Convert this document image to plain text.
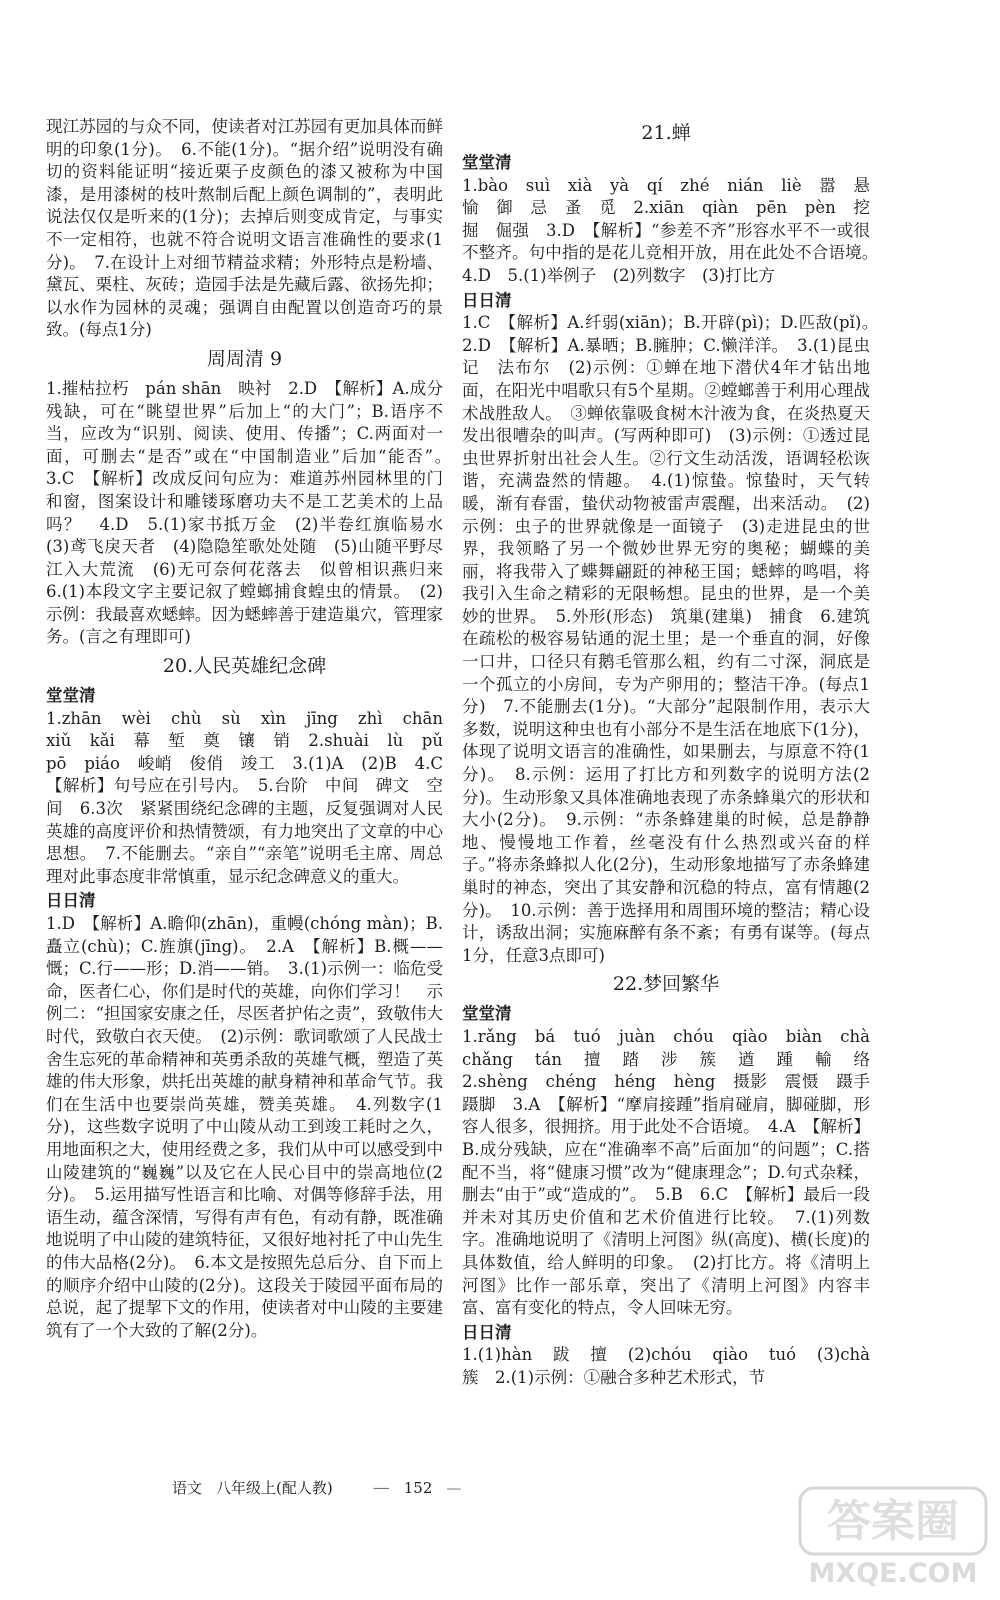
现江苏园的与众不同，使读者对江苏园有更加具体而鲜明的印象(1分)。　6.不能(1分)。“据介绍”说明没有确切的资料能证明“接近栗子皮颜色的漆又被称为中国漆，是用漆树的枝叶熬制后配上颜色调制的”，表明此说法仅仅是听来的(1分)；去掉后则变成肯定，与事实不一定相符，也就不符合说明文语言准确性的要求(1分)。　7.在设计上对细节精益求精；外形特点是粉墙、黛瓦、栗柱、灰砖；造园手法是先藏后露、欲扬先抑；以水作为园林的灵魂；强调自由配置以创造奇巧的景致。(每点1分)

周周清 9

1.摧枯拉朽　pán shān　映衬　2.D　【解析】A.成分残缺，可在“眺望世界”后加上“的大门”；B.语序不当，应改为“识别、阅读、使用、传播”；C.两面对一面，可删去“是否”或在“中国制造业”后加“能否”。　3.C　【解析】改成反问句应为：难道苏州园林里的门和窗，图案设计和雕镂琢磨功夫不是工艺美术的上品吗？　4.D　5.(1)家书抵万金　(2)半卷红旗临易水　(3)鸢飞戾天者　(4)隐隐笙歌处处随　(5)山随平野尽　江入大荒流　(6)无可奈何花落去　似曾相识燕归来　6.(1)本段文字主要记叙了螳螂捕食蝗虫的情景。　(2)示例：我最喜欢蟋蟀。因为蟋蟀善于建造巢穴，管理家务。(言之有理即可)

20.人民英雄纪念碑

堂堂清

1.zhān　wèi　chù　sù　xìn　jīng　zhì　chān　xiǔ　kǎi　幕　堑　奠　镶　销　2.shuài　lù　pǔ　pō　piáo　峻峭　俊俏　竣工　3.(1)A　(2)B　4.C　【解析】句号应在引号内。　5.台阶　中间　碑文　空间　6.3次　紧紧围绕纪念碑的主题，反复强调对人民英雄的高度评价和热情赞颂，有力地突出了文章的中心思想。　7.不能删去。“亲自”“亲笔”说明毛主席、周总理对此事态度非常慎重，显示纪念碑意义的重大。

日日清

1.D　【解析】A.瞻仰(zhān)，重幔(chóng màn)；B.矗立(chù)；C.旌旗(jīng)。　2.A　【解析】B.概——慨；C.行——形；D.消——销。　3.(1)示例一：临危受命，医者仁心，你们是时代的英雄，向你们学习！　示例二：“担国家安康之任，尽医者护佑之责”，致敬伟大时代，致敬白衣天使。　(2)示例：歌词歌颂了人民战士舍生忘死的革命精神和英勇杀敌的英雄气概，塑造了英雄的伟大形象，烘托出英雄的献身精神和革命气节。我们在生活中也要崇尚英雄，赞美英雄。　4.列数字(1分)，这些数字说明了中山陵从动工到竣工耗时之久，用地面积之大，使用经费之多，我们从中可以感受到中山陵建筑的“巍巍”以及它在人民心目中的崇高地位(2分)。　5.运用描写性语言和比喻、对偶等修辞手法，用语生动，蕴含深情，写得有声有色，有动有静，既准确地说明了中山陵的建筑特征，又很好地衬托了中山先生的伟大品格(2分)。　6.本文是按照先总后分、自下而上的顺序介绍中山陵的(2分)。这段关于陵园平面布局的总说，起了提挈下文的作用，使读者对中山陵的主要建筑有了一个大致的了解(2分)。

21.蝉

堂堂清

1.bào　suì　xià　yà　qí　zhé　nián　liè　嚣　悬　愉　御　忌　蚤　觅　2.xiān　qiàn　pēn　pèn　挖掘　倔强　3.D　【解析】“参差不齐”形容水平不一或很不整齐。句中指的是花儿竞相开放，用在此处不合语境。　4.D　5.(1)举例子　(2)列数字　(3)打比方

日日清

1.C　【解析】A.纤弱(xiān)；B.开辟(pì)；D.匹敌(pǐ)。　2.D　【解析】A.暴晒；B.臃肿；C.懒洋洋。　3.(1)昆虫记　法布尔　(2)示例：①蝉在地下潜伏4年才钻出地面，在阳光中唱歌只有5个星期。②螳螂善于利用心理战术战胜敌人。　③蝉依靠吸食树木汁液为食，在炎热夏天发出很嘈杂的叫声。(写两种即可)　(3)示例：①透过昆虫世界折射出社会人生。②行文生动活泼，语调轻松诙谐，充满盎然的情趣。　4.(1)惊蛰。惊蛰时，天气转暖，渐有春雷，蛰伏动物被雷声震醒，出来活动。　(2)示例：虫子的世界就像是一面镜子　(3)走进昆虫的世界，我领略了另一个微妙世界无穷的奥秘；蝴蝶的美丽，将我带入了蝶舞翩跹的神秘王国；蟋蟀的鸣唱，将我引入生命之精彩的无限畅想。昆虫的世界，是一个美妙的世界。　5.外形(形态)　筑巢(建巢)　捕食　6.建筑在疏松的极容易钻通的泥土里；是一个垂直的洞，好像一口井，口径只有鹅毛管那么粗，约有二寸深，洞底是一个孤立的小房间，专为产卵用的；整洁干净。(每点1分)　7.不能删去(1分)。“大部分”起限制作用，表示大多数，说明这种虫也有小部分不是生活在地底下(1分)，体现了说明文语言的准确性，如果删去，与原意不符(1分)。　8.示例：运用了打比方和列数字的说明方法(2分)。生动形象又具体准确地表现了赤条蜂巢穴的形状和大小(2分)。　9.示例：“赤条蜂建巢的时候，总是静静地、慢慢地工作着，丝毫没有什么热烈或兴奋的样子。”将赤条蜂拟人化(2分)，生动形象地描写了赤条蜂建巢时的神态，突出了其安静和沉稳的特点，富有情趣(2分)。　10.示例：善于选择用和周围环境的整洁；精心设计，诱敌出洞；实施麻醉有条不紊；有勇有谋等。(每点1分，任意3点即可)

22.梦回繁华

堂堂清

1.rǎng　bá　tuó　juàn　chóu　qiào　biàn　chà　chǎng　tán　擅　踏　涉　簇　遒　踵　輸　络　2.shèng　chéng　héng　hèng　摄影　震慑　蹑手蹑脚　3.A　【解析】“摩肩接踵”指肩碰肩，脚碰脚，形容人很多，很拥挤。用于此处不合语境。　4.A　【解析】B.成分残缺，应在“准确率不高”后面加“的问题”；C.搭配不当，将“健康习惯”改为“健康理念”；D.句式杂糅，删去“由于”或“造成的”。　5.B　6.C　【解析】最后一段并未对其历史价值和艺术价值进行比较。　7.(1)列数字。准确地说明了《清明上河图》纵(高度)、横(长度)的具体数值，给人鲜明的印象。　(2)打比方。将《清明上河图》比作一部乐章，突出了《清明上河图》内容丰富、富有变化的特点，令人回味无穷。

日日清

1.(1)hàn　跋　擅　(2)chóu　qiào　tuó　(3)chà　簇　2.(1)示例：①融合多种艺术形式，节

语文 八年级上(配人教) — 152 —
答案圈
MXQE.COM
